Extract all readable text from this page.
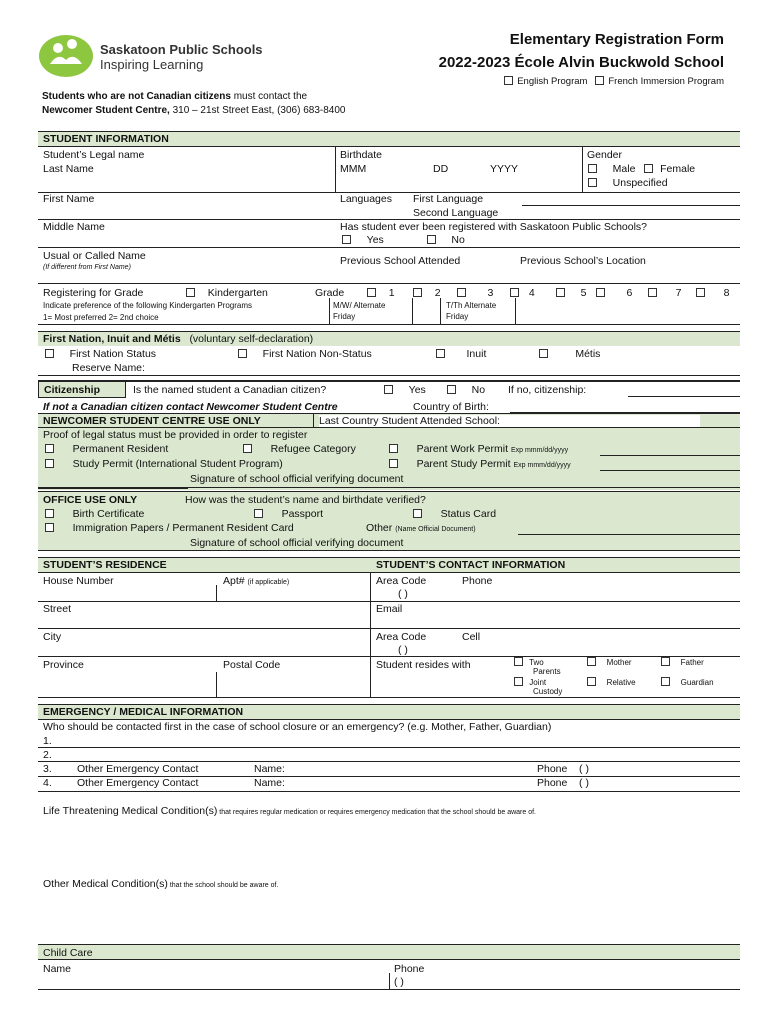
Saskatoon Public Schools
Inspiring Learning
Elementary Registration Form
2022-2023 École Alvin Buckwold School
English Program French Immersion Program
Students who are not Canadian citizens must contact the
Newcomer Student Centre, 310 – 21st Street East, (306) 683-8400
STUDENT INFORMATION
Student’s Legal name
Last Name
Birthdate
MMM	DD	YYYY
Gender
Male Female
Unspecified
First Name	Languages First Language
Second Language
Middle Name	Has student ever been registered with Saskatoon Public Schools?
Yes	No
Usual or Called Name
(If different from First Name)
Previous School Attended	Previous School’s Location
Registering for Grade	Kindergarten	Grade	1	2	3	4	5	6	7	8
Indicate preference of the following Kindergarten Programs
1= Most preferred 2= 2nd choice
M/W/ Alternate
Friday
T/Th Alternate
Friday
First Nation, Inuit and Métis (voluntary self-declaration)
First Nation Status	First Nation Non-Status	Inuit	Métis
Reserve Name:
Citizenship	Is the named student a Canadian citizen?	Yes	No If no, citizenship:
If not a Canadian citizen contact Newcomer Student Centre	Country of Birth:
NEWCOMER STUDENT CENTRE USE ONLY	Last Country Student Attended School:
Proof of legal status must be provided in order to register
Permanent Resident	Refugee Category	Parent Work Permit Exp mmm/dd/yyyy
Study Permit (International Student Program)	Parent Study Permit Exp mmm/dd/yyyy
Signature of school official verifying document
OFFICE USE ONLY	How was the student’s name and birthdate verified?
Birth Certificate	Passport	Status Card
Immigration Papers / Permanent Resident Card	Other (Name Official Document)
Signature of school official verifying document
STUDENT’S RESIDENCE	STUDENT’S CONTACT INFORMATION
House Number	Apt# (if applicable)	Area Code	Phone
( )
Street	Email
City	Area Code	Cell
( )
Province	Postal Code	Student resides with	Two
Parents
Mother	Father
Joint
Custody
Relative	Guardian
EMERGENCY / MEDICAL INFORMATION
Who should be contacted first in the case of school closure or an emergency? (e.g. Mother, Father, Guardian)
1.
2.
3. Other Emergency Contact	Name:	Phone ( )
4. Other Emergency Contact	Name:	Phone ( )
Life Threatening Medical Condition(s) that requires regular medication or requires emergency medication that the school should be aware of.
Other Medical Condition(s) that the school should be aware of.
Child Care
Name	Phone
( )
